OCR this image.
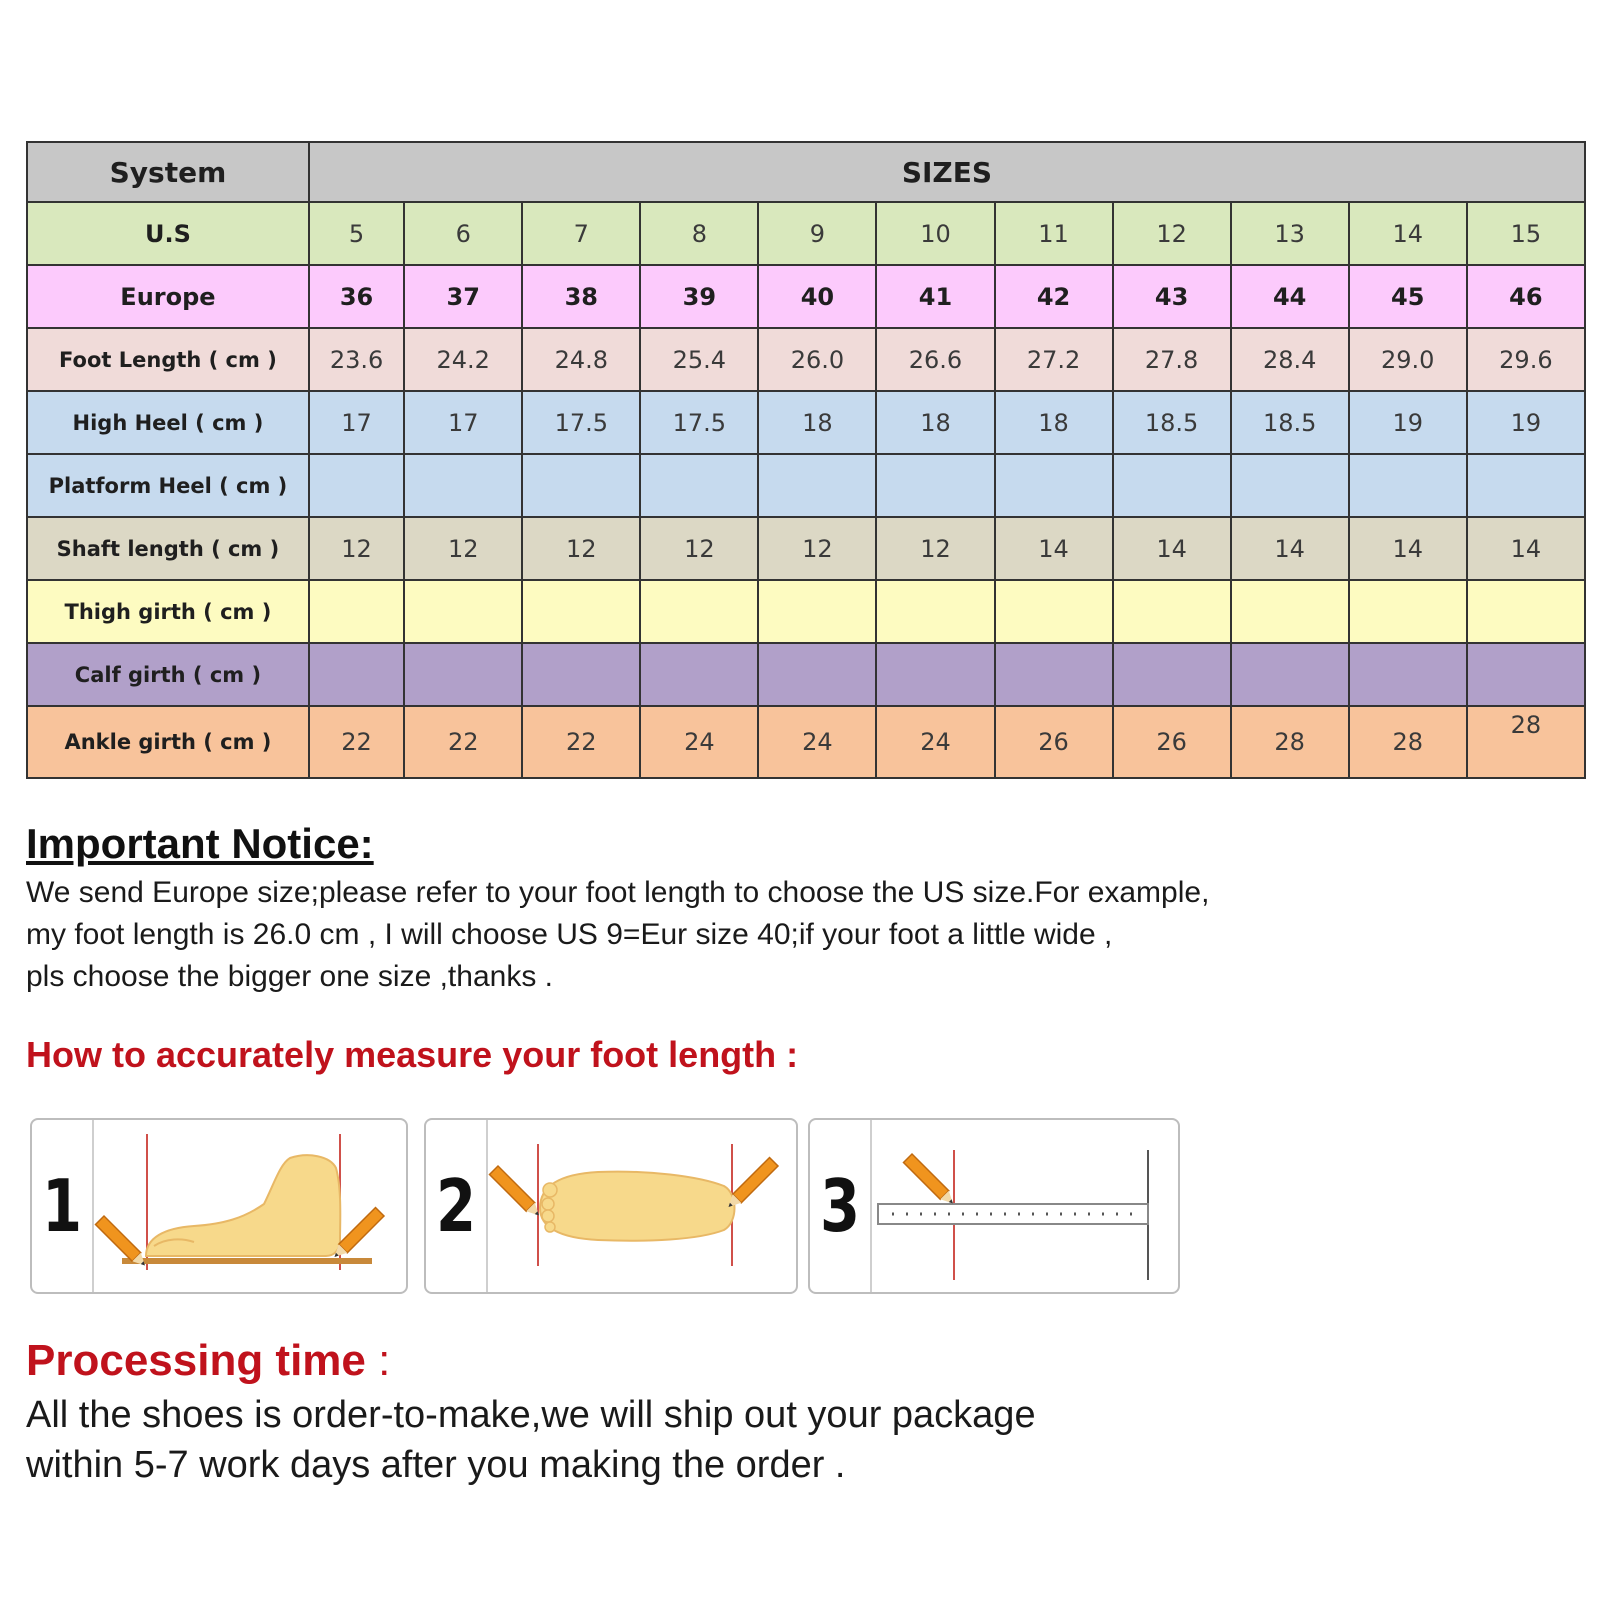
System	SIZES										
U.S	5	6	7	8	9	10	11	12	13	14	15
Europe	36	37	38	39	40	41	42	43	44	45	46
Foot Length ( cm )	23.6	24.2	24.8	25.4	26.0	26.6	27.2	27.8	28.4	29.0	29.6
High Heel ( cm )	17	17	17.5	17.5	18	18	18	18.5	18.5	19	19
Platform Heel ( cm )											
Shaft length ( cm )	12	12	12	12	12	12	14	14	14	14	14
Thigh girth ( cm )											
Calf girth ( cm )											
Ankle girth ( cm )	22	22	22	24	24	24	26	26	28	28	28
Important Notice:
We send Europe size;please refer to your foot length to choose the US size.For example,
my foot length is 26.0 cm , I will choose US 9=Eur size 40;if your foot a little wide ,
pls choose the bigger one size ,thanks .
How to accurately measure your foot length :
1	2	3
Processing time :
All the shoes is order-to-make,we will ship out your package
within 5-7 work days after you making the order .
